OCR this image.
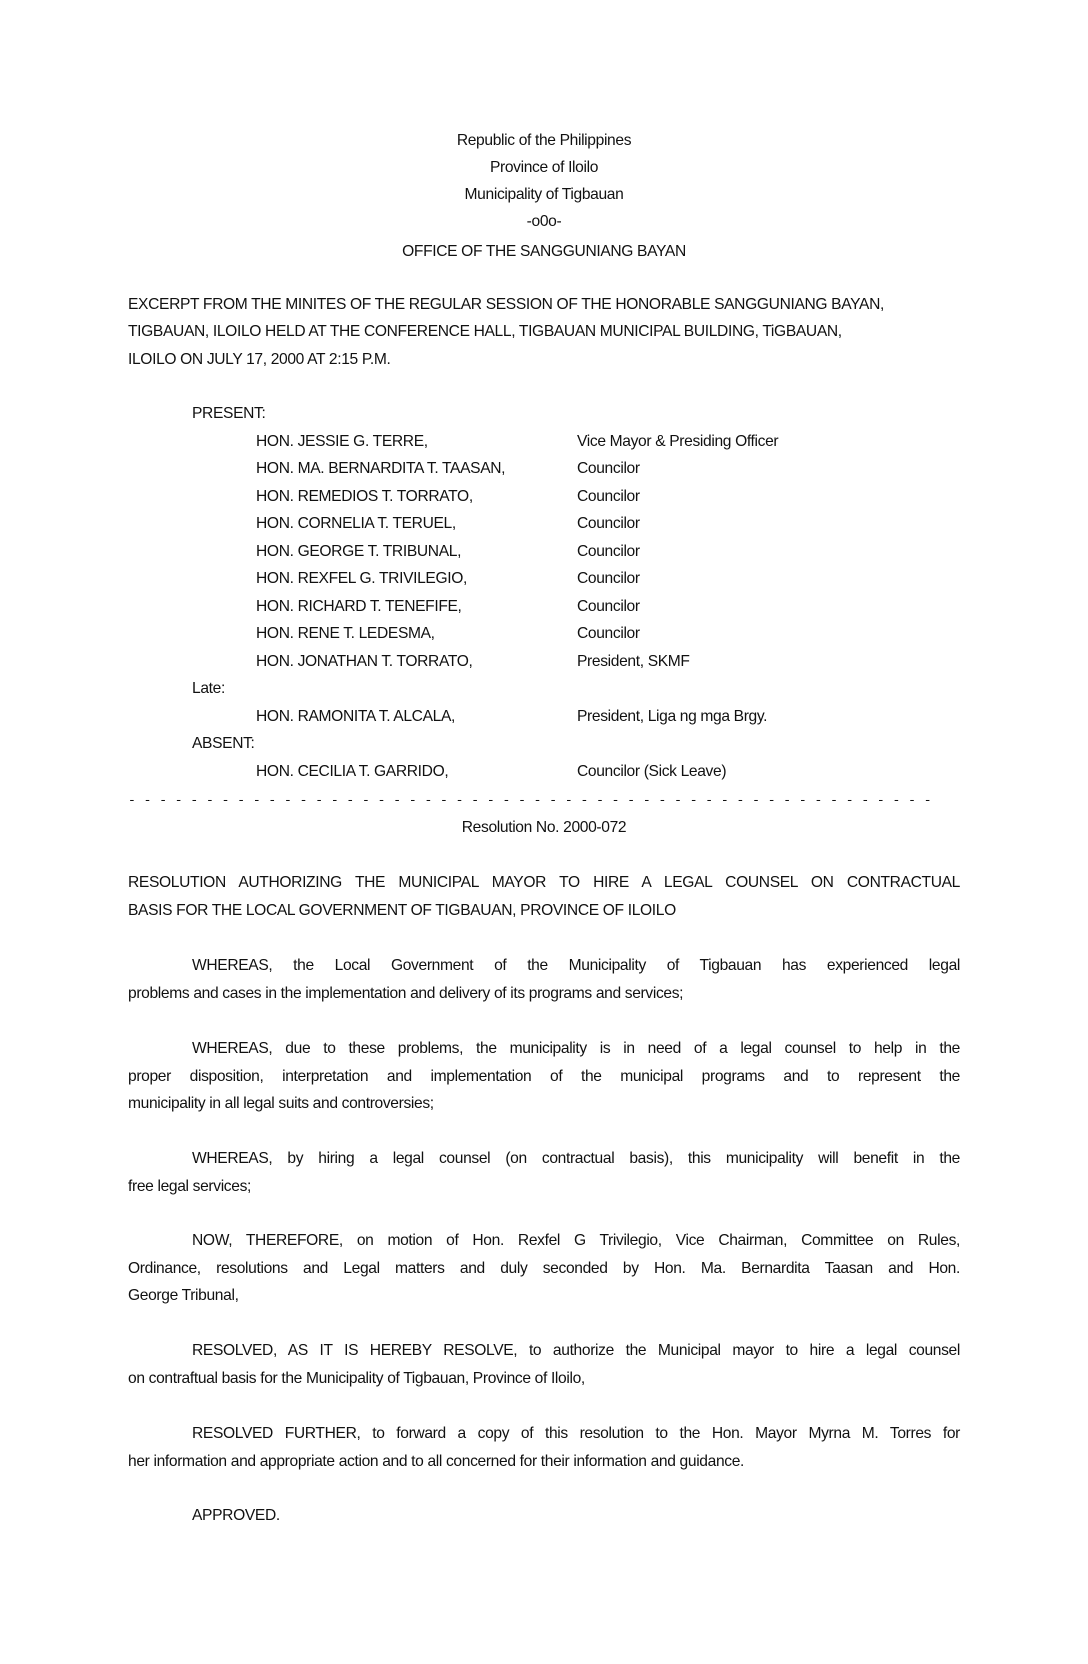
Republic of the Philippines
Province of Iloilo
Municipality of Tigbauan
-o0o-
OFFICE OF THE SANGGUNIANG BAYAN
EXCERPT FROM THE MINITES OF THE REGULAR SESSION OF THE HONORABLE SANGGUNIANG BAYAN,
TIGBAUAN, ILOILO HELD AT THE CONFERENCE HALL, TIGBAUAN MUNICIPAL BUILDING, TiGBAUAN,
ILOILO ON JULY 17, 2000 AT 2:15 P.M.
PRESENT:
HON. JESSIE G. TERRE,	Vice Mayor & Presiding Officer
HON. MA. BERNARDITA T. TAASAN,	Councilor
HON. REMEDIOS T. TORRATO,	Councilor
HON. CORNELIA T. TERUEL,	Councilor
HON. GEORGE T. TRIBUNAL,	Councilor
HON. REXFEL G. TRIVILEGIO,	Councilor
HON. RICHARD T. TENEFIFE,	Councilor
HON. RENE T. LEDESMA,	Councilor
HON. JONATHAN T. TORRATO,	President, SKMF
Late:
HON. RAMONITA T. ALCALA,	President, Liga ng mga Brgy.
ABSENT:
HON. CECILIA T. GARRIDO,	Councilor (Sick Leave)
- - - - - - - - - - - - - - - - - - - - - - - - - - - - - - - - - - - - - - - - - - - - - - - - - - - -
Resolution No. 2000-072
RESOLUTION AUTHORIZING THE MUNICIPAL MAYOR TO HIRE A LEGAL COUNSEL ON CONTRACTUAL
BASIS FOR THE LOCAL GOVERNMENT OF TIGBAUAN, PROVINCE OF ILOILO
WHEREAS, the Local Government of the Municipality of Tigbauan has experienced legal
problems and cases in the implementation and delivery of its programs and services;
WHEREAS, due to these problems, the municipality is in need of a legal counsel to help in the
proper disposition, interpretation and implementation of the municipal programs and to represent the
municipality in all legal suits and controversies;
WHEREAS, by hiring a legal counsel (on contractual basis), this municipality will benefit in the
free legal services;
NOW, THEREFORE, on motion of Hon. Rexfel G Trivilegio, Vice Chairman, Committee on Rules,
Ordinance, resolutions and Legal matters and duly seconded by Hon. Ma. Bernardita Taasan and Hon.
George Tribunal,
RESOLVED, AS IT IS HEREBY RESOLVE, to authorize the Municipal mayor to hire a legal counsel
on contraftual basis for the Municipality of Tigbauan, Province of Iloilo,
RESOLVED FURTHER, to forward a copy of this resolution to the Hon. Mayor Myrna M. Torres for
her information and appropriate action and to all concerned for their information and guidance.
APPROVED.
